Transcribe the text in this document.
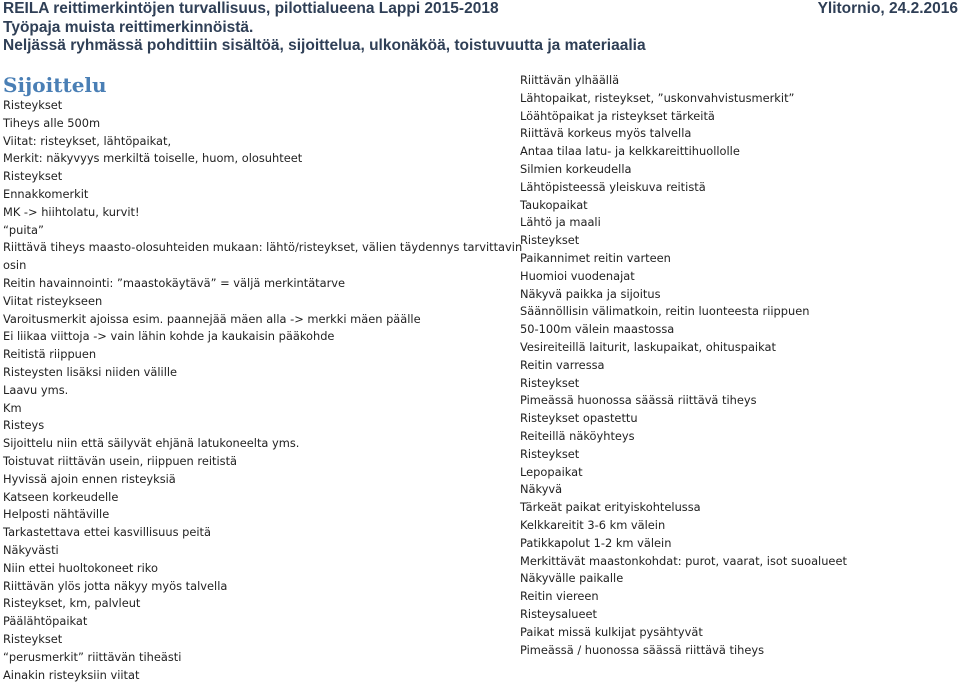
REILA reittimerkintöjen turvallisuus, pilottialueena Lappi 2015-2018
Työpaja muista reittimerkinnöistä.
Neljässä ryhmässä pohdittiin sisältöä, sijoittelua, ulkonäköä, toistuvuutta ja materiaalia
Ylitornio, 24.2.2016
Sijoittelu
Risteykset
Tiheys alle 500m
Viitat: risteykset, lähtöpaikat,
Merkit: näkyvyys merkiltä toiselle, huom, olosuhteet
Risteykset
Ennakkomerkit
MK -> hiihtolatu, kurvit!
“puita”
Riittävä tiheys maasto-olosuhteiden mukaan: lähtö/risteykset, välien täydennys tarvittavin
osin
Reitin havainnointi: ”maastokäytävä” = väljä merkintätarve
Viitat risteykseen
Varoitusmerkit ajoissa esim. paannejää mäen alla -> merkki mäen päälle
Ei liikaa viittoja -> vain lähin kohde ja kaukaisin pääkohde
Reitistä riippuen
Risteysten lisäksi niiden välille
Laavu yms.
Km
Risteys
Sijoittelu niin että säilyvät ehjänä latukoneelta yms.
Toistuvat riittävän usein, riippuen reitistä
Hyvissä ajoin ennen risteyksiä
Katseen korkeudelle
Helposti nähtäville
Tarkastettava ettei kasvillisuus peitä
Näkyvästi
Niin ettei huoltokoneet riko
Riittävän ylös jotta näkyy myös talvella
Risteykset, km, palvleut
Päälähtöpaikat
Risteykset
“perusmerkit” riittävän tiheästi
Ainakin risteyksiin viitat
Riittävän ylhäällä
Lähtopaikat, risteykset, ”uskonvahvistusmerkit”
Löähtöpaikat ja risteykset tärkeitä
Riittävä korkeus myös talvella
Antaa tilaa latu- ja kelkkareittihuollolle
Silmien korkeudella
Lähtöpisteessä yleiskuva reitistä
Taukopaikat
Lähtö ja maali
Risteykset
Paikannimet reitin varteen
Huomioi vuodenajat
Näkyvä paikka ja sijoitus
Säännöllisin välimatkoin, reitin luonteesta riippuen
50-100m välein maastossa
Vesireiteillä laiturit, laskupaikat, ohituspaikat
Reitin varressa
Risteykset
Pimeässä huonossa säässä riittävä tiheys
Risteykset opastettu
Reiteillä näköyhteys
Risteykset
Lepopaikat
Näkyvä
Tärkeät paikat erityiskohtelussa
Kelkkareitit 3-6 km välein
Patikkapolut 1-2 km välein
Merkittävät maastonkohdat: purot, vaarat, isot suoalueet
Näkyvälle paikalle
Reitin viereen
Risteysalueet
Paikat missä kulkijat pysähtyvät
Pimeässä / huonossa säässä riittävä tiheys
